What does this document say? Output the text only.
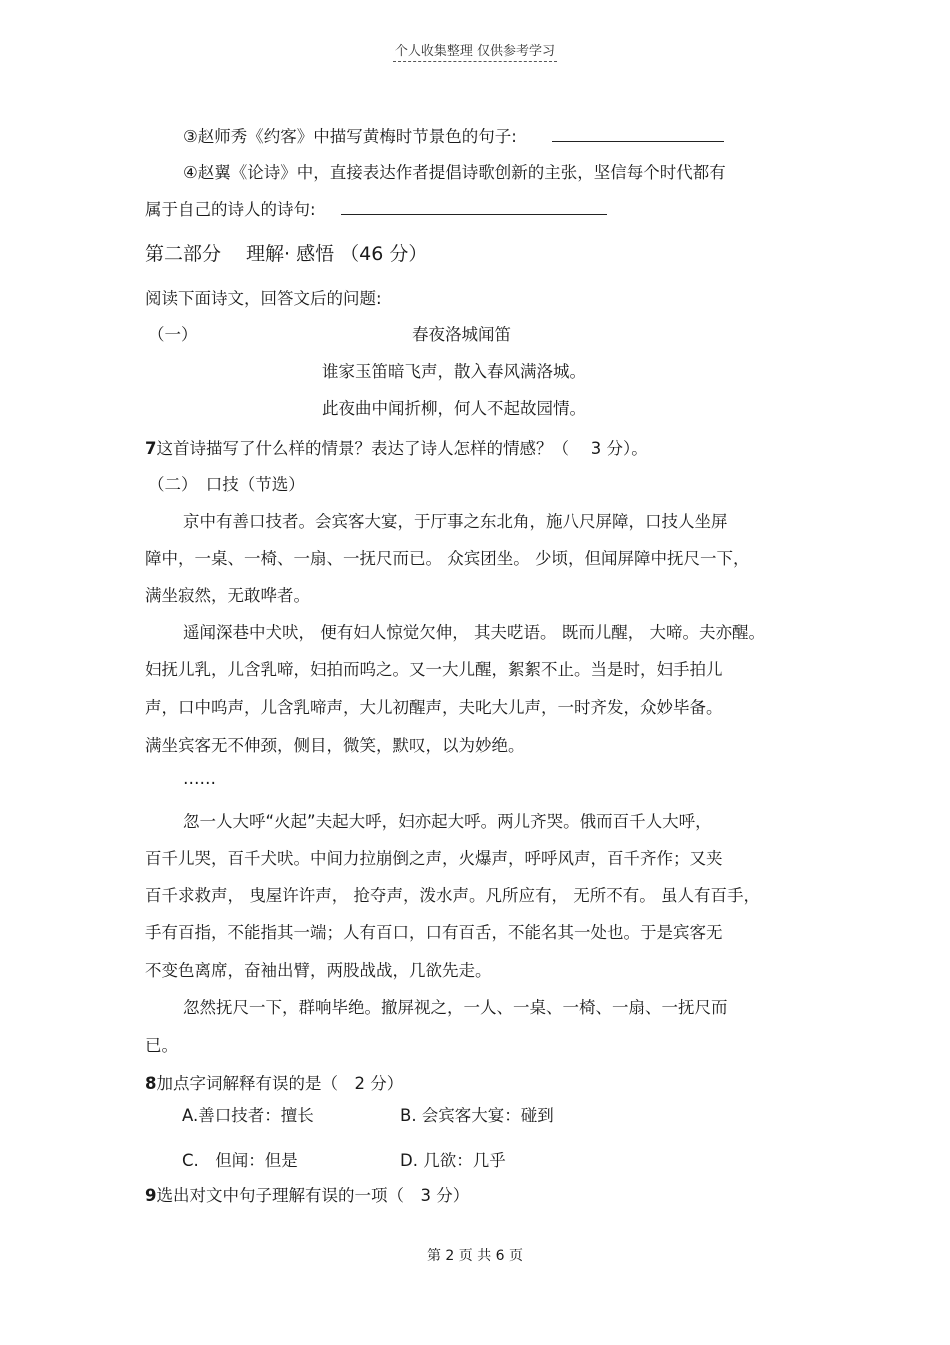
个人收集整理 仅供参考学习
③赵师秀《约客》中描写黄梅时节景色的句子:
④赵翼《论诗》中，直接表达作者提倡诗歌创新的主张，坚信每个时代都有
属于自己的诗人的诗句:
第二部分　 理解· 感悟 （46 分）
阅读下面诗文，回答文后的问题:
（一）	春夜洛城闻笛
谁家玉笛暗飞声，散入春风满洛城。
此夜曲中闻折柳，何人不起故园情。
7这首诗描写了什么样的情景？表达了诗人怎样的情感？（　 3 分）。
（二）　口技（节选）
京中有善口技者。会宾客大宴，于厅事之东北角，施八尺屏障，口技人坐屏
障中，一桌、一椅、一扇、一抚尺而已。 众宾团坐。 少顷，但闻屏障中抚尺一下，
满坐寂然，无敢哗者。
遥闻深巷中犬吠， 便有妇人惊觉欠伸， 其夫呓语。 既而儿醒， 大啼。夫亦醒。
妇抚儿乳，儿含乳啼，妇拍而呜之。又一大儿醒，絮絮不止。当是时，妇手拍儿
声，口中呜声，儿含乳啼声，大儿初醒声，夫叱大儿声，一时齐发，众妙毕备。
满坐宾客无不伸颈，侧目，微笑，默叹，以为妙绝。
……
忽一人大呼“火起”夫起大呼，妇亦起大呼。两儿齐哭。俄而百千人大呼，
百千儿哭，百千犬吠。中间力拉崩倒之声，火爆声，呼呼风声，百千齐作；又夹
百千求救声， 曳屋许许声， 抢夺声，泼水声。凡所应有， 无所不有。 虽人有百手，
手有百指，不能指其一端；人有百口，口有百舌，不能名其一处也。于是宾客无
不变色离席，奋袖出臂，两股战战，几欲先走。
忽然抚尺一下，群响毕绝。撤屏视之，一人、一桌、一椅、一扇、一抚尺而
已。
8加点字词解释有误的是（　2 分）
A.善口技者：擅长	B. 会宾客大宴：碰到
C.　但闻：但是	D. 几欲：几乎
9选出对文中句子理解有误的一项（　3 分）
第 2 页 共 6 页
